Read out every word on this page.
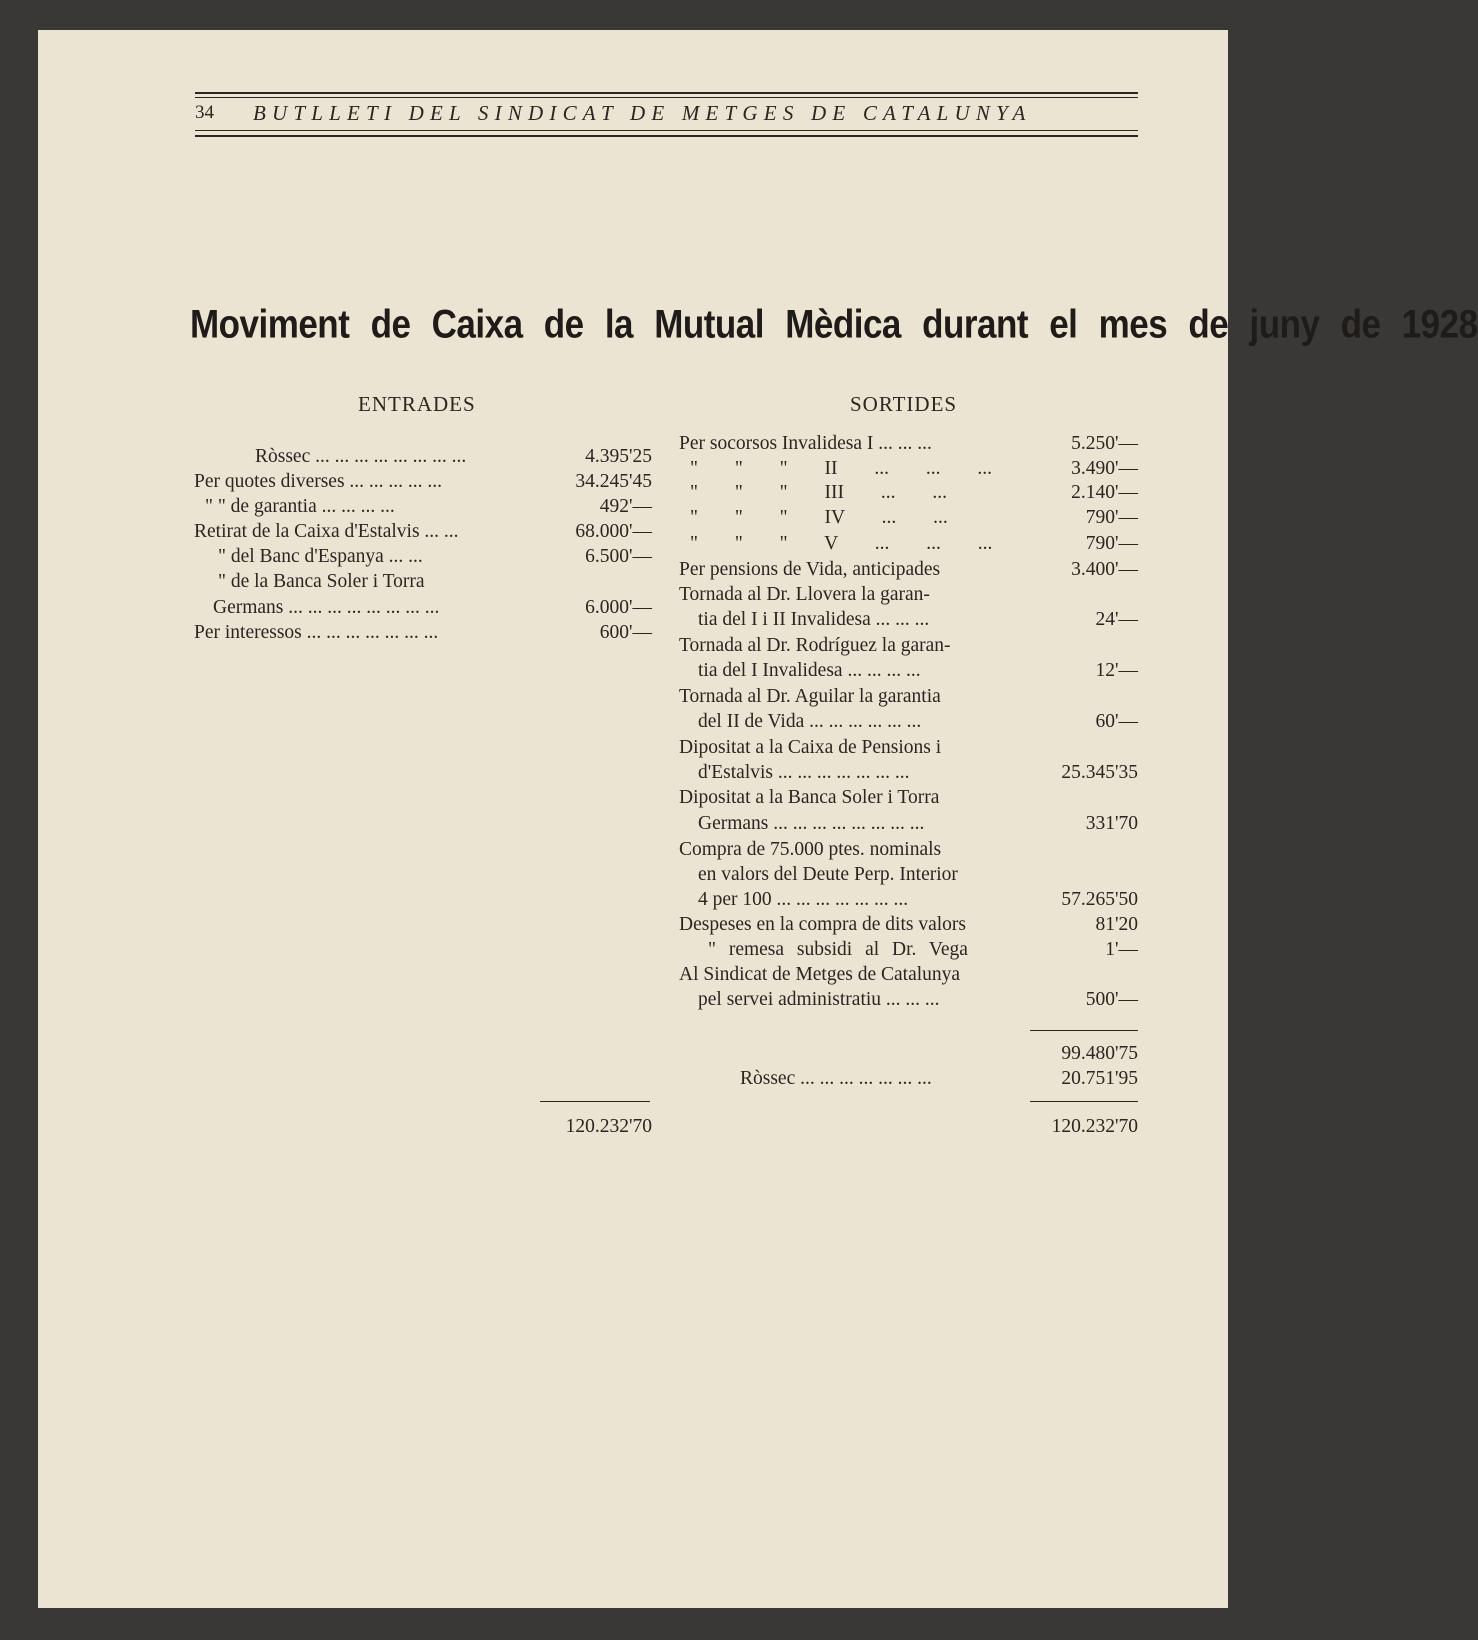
34 BUTLLETI DEL SINDICAT DE METGES DE CATALUNYA
Moviment de Caixa de la Mutual Mèdica durant el mes de juny de 1928
ENTRADES	SORTIDES
Ròssec ... ... ... ... ... ... ... ...	4.395'25
Per quotes diverses ... ... ... ... ...	34.245'45
" " de garantia ... ... ... ...	492'—
Retirat de la Caixa d'Estalvis ... ...	68.000'—
" del Banc d'Espanya ... ...	6.500'—
" de la Banca Soler i Torra
Germans ... ... ... ... ... ... ... ...	6.000'—
Per interessos ... ... ... ... ... ... ...	600'—
120.232'70
Per socorsos Invalidesa I ... ... ...	5.250'—
" " " II ... ... ...	3.490'—
" " " III ... ...	2.140'—
" " " IV ... ...	790'—
" " " V ... ... ...	790'—
Per pensions de Vida, anticipades	3.400'—
Tornada al Dr. Llovera la garan-
tia del I i II Invalidesa ... ... ...	24'—
Tornada al Dr. Rodríguez la garan-
tia del I Invalidesa ... ... ... ...	12'—
Tornada al Dr. Aguilar la garantia
del II de Vida ... ... ... ... ... ...	60'—
Dipositat a la Caixa de Pensions i
d'Estalvis ... ... ... ... ... ... ...	25.345'35
Dipositat a la Banca Soler i Torra
Germans ... ... ... ... ... ... ... ...	331'70
Compra de 75.000 ptes. nominals
en valors del Deute Perp. Interior
4 per 100 ... ... ... ... ... ... ...	57.265'50
Despeses en la compra de dits valors	81'20
" remesa subsidi al Dr. Vega	1'—
Al Sindicat de Metges de Catalunya
pel servei administratiu ... ... ...	500'—
99.480'75
Ròssec ... ... ... ... ... ... ...	20.751'95
120.232'70
